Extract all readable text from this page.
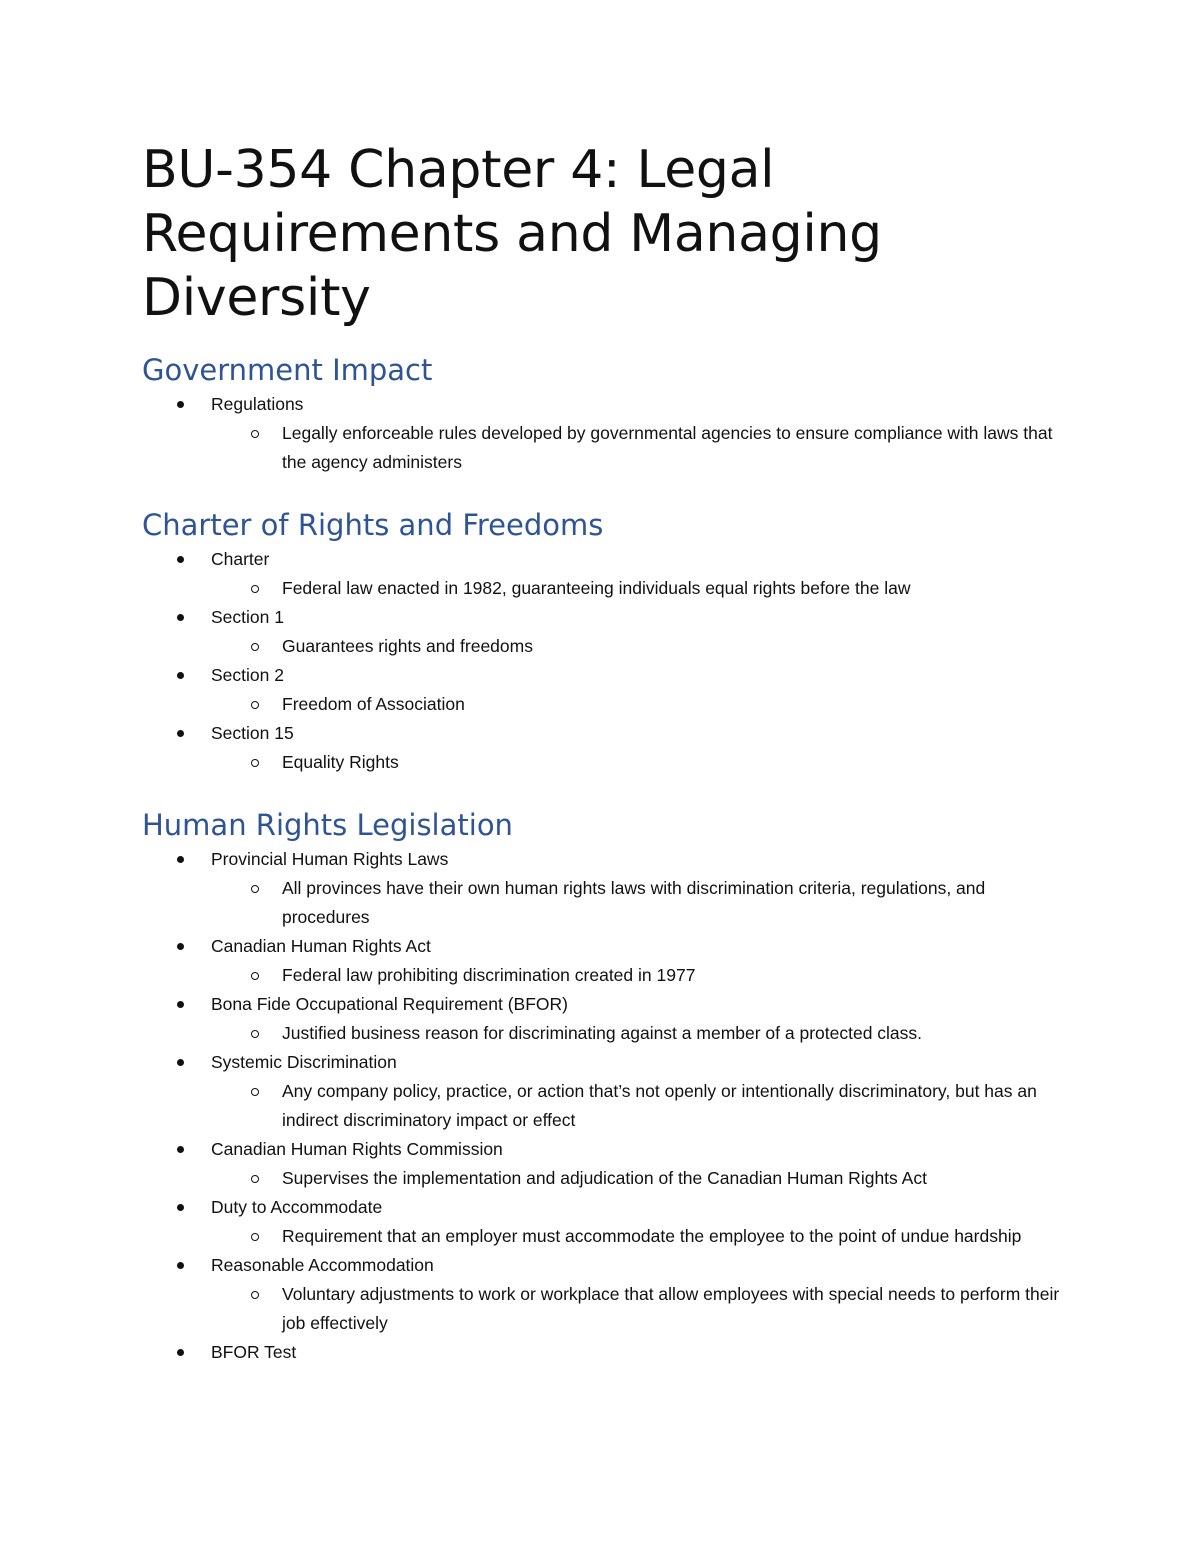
BU-354 Chapter 4: Legal Requirements and Managing Diversity
Government Impact
Regulations
Legally enforceable rules developed by governmental agencies to ensure compliance with laws that the agency administers
Charter of Rights and Freedoms
Charter
Federal law enacted in 1982, guaranteeing individuals equal rights before the law
Section 1
Guarantees rights and freedoms
Section 2
Freedom of Association
Section 15
Equality Rights
Human Rights Legislation
Provincial Human Rights Laws
All provinces have their own human rights laws with discrimination criteria, regulations, and procedures
Canadian Human Rights Act
Federal law prohibiting discrimination created in 1977
Bona Fide Occupational Requirement (BFOR)
Justified business reason for discriminating against a member of a protected class.
Systemic Discrimination
Any company policy, practice, or action that’s not openly or intentionally discriminatory, but has an indirect discriminatory impact or effect
Canadian Human Rights Commission
Supervises the implementation and adjudication of the Canadian Human Rights Act
Duty to Accommodate
Requirement that an employer must accommodate the employee to the point of undue hardship
Reasonable Accommodation
Voluntary adjustments to work or workplace that allow employees with special needs to perform their job effectively
BFOR Test
